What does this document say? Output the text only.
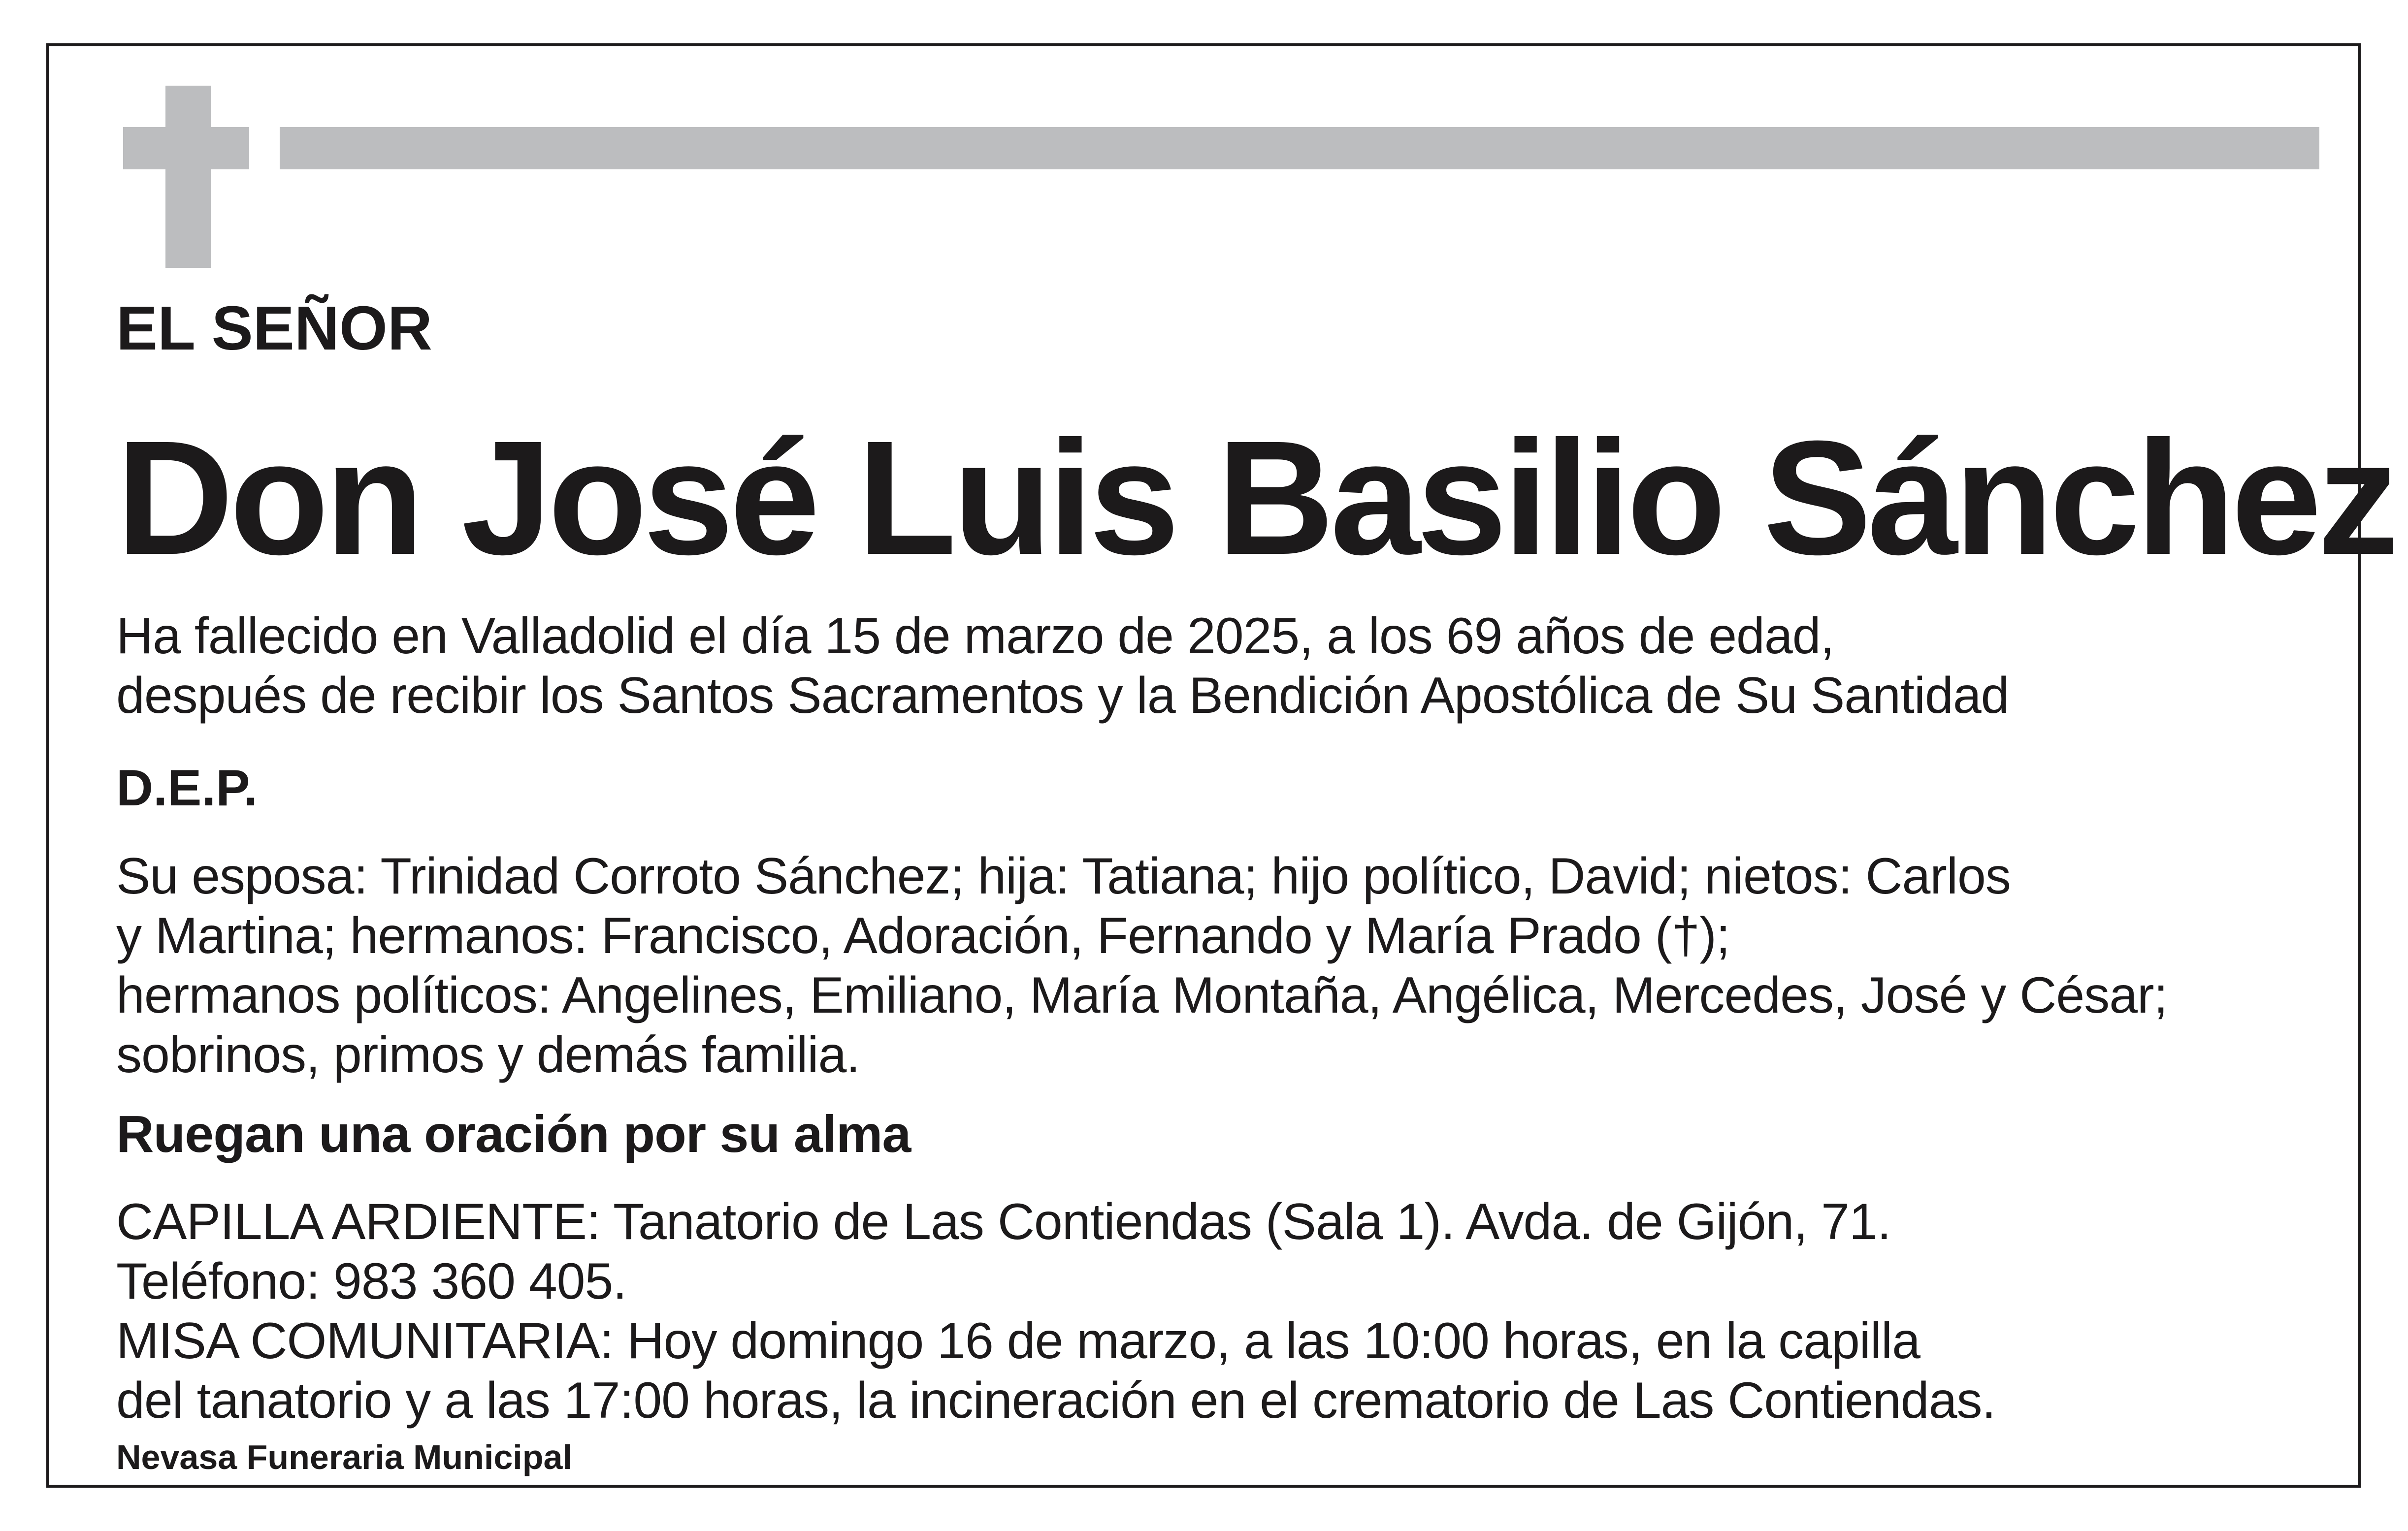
EL SEÑOR

Don José Luis Basilio Sánchez
Ha fallecido en Valladolid el día 15 de marzo de 2025, a los 69 años de edad,
después de recibir los Santos Sacramentos y la Bendición Apostólica de Su Santidad

D.E.P.

Su esposa: Trinidad Corroto Sánchez; hija: Tatiana; hijo político, David; nietos: Carlos
y Martina; hermanos: Francisco, Adoración, Fernando y María Prado (†);
hermanos políticos: Angelines, Emiliano, María Montaña, Angélica, Mercedes, José y César;
sobrinos, primos y demás familia.

Ruegan una oración por su alma

CAPILLA ARDIENTE: Tanatorio de Las Contiendas (Sala 1). Avda. de Gijón, 71.
Teléfono: 983 360 405.
MISA COMUNITARIA: Hoy domingo 16 de marzo, a las 10:00 horas, en la capilla
del tanatorio y a las 17:00 horas, la incineración en el crematorio de Las Contiendas.

Nevasa Funeraria Municipal
